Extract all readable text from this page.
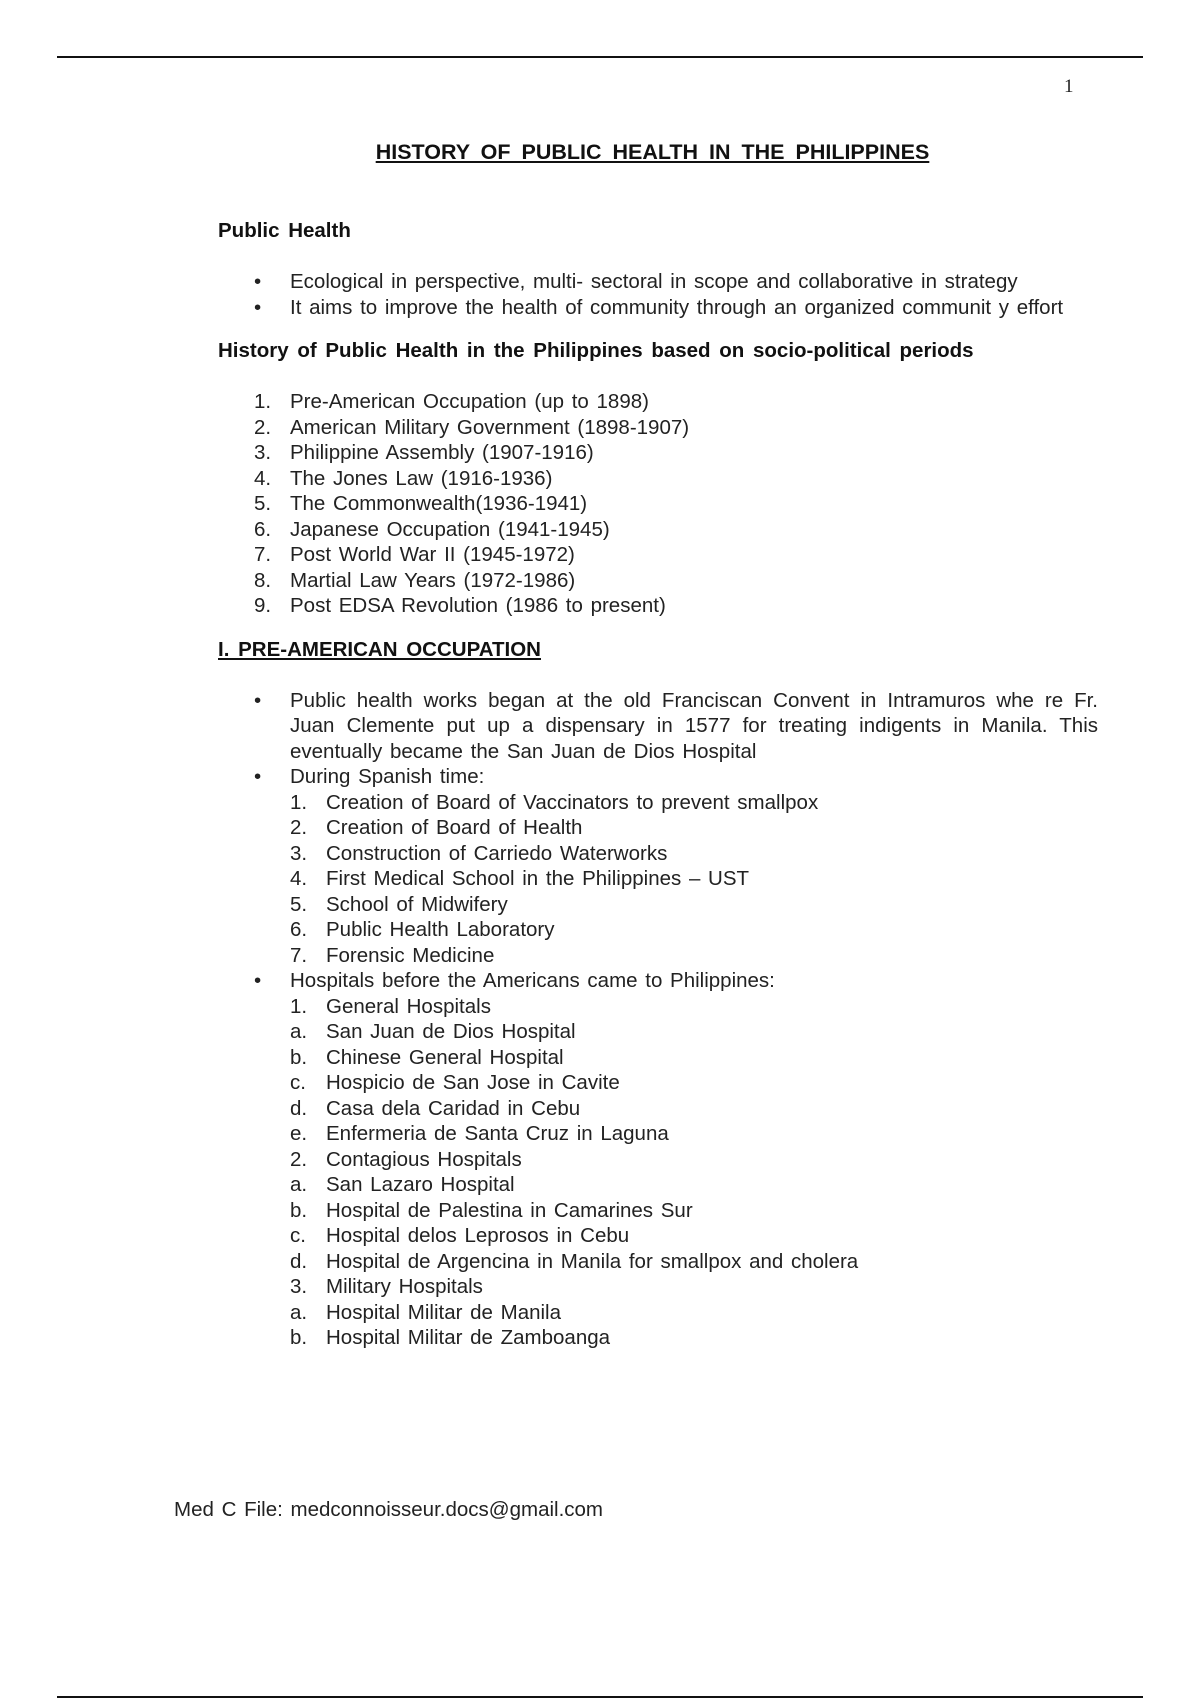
1
HISTORY OF PUBLIC HEALTH IN THE PHILIPPINES
Public Health
• Ecological in perspective, multi- sectoral in scope and collaborative in strategy
• It aims to improve the health of community through an organized communit y effort
History of Public Health in the Philippines based on socio-political periods
1. Pre-American Occupation (up to 1898)
2. American Military Government (1898-1907)
3. Philippine Assembly (1907-1916)
4. The Jones Law (1916-1936)
5. The Commonwealth(1936-1941)
6. Japanese Occupation (1941-1945)
7. Post World War II (1945-1972)
8. Martial Law Years (1972-1986)
9. Post EDSA Revolution (1986 to present)
I. PRE-AMERICAN OCCUPATION
• Public health works began at the old Franciscan Convent in Intramuros whe re Fr. Juan Clemente put up a dispensary in 1577 for treating indigents in Manila. This eventually became the San Juan de Dios Hospital
• During Spanish time:
1. Creation of Board of Vaccinators to prevent smallpox
2. Creation of Board of Health
3. Construction of Carriedo Waterworks
4. First Medical School in the Philippines – UST
5. School of Midwifery
6. Public Health Laboratory
7. Forensic Medicine
• Hospitals before the Americans came to Philippines:
1. General Hospitals
a. San Juan de Dios Hospital
b. Chinese General Hospital
c. Hospicio de San Jose in Cavite
d. Casa dela Caridad in Cebu
e. Enfermeria de Santa Cruz in Laguna
2. Contagious Hospitals
a. San Lazaro Hospital
b. Hospital de Palestina in Camarines Sur
c. Hospital delos Leprosos in Cebu
d. Hospital de Argencina in Manila for smallpox and cholera
3. Military Hospitals
a. Hospital Militar de Manila
b. Hospital Militar de Zamboanga
Med C File: medconnoisseur.docs@gmail.com
